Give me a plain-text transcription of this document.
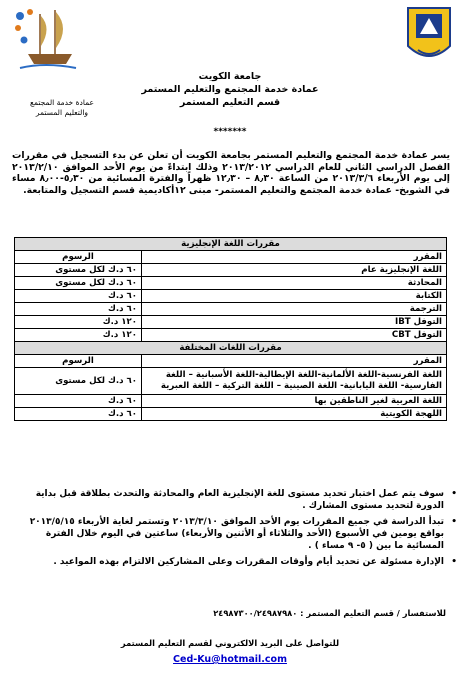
عمادة خدمة المجتمع
والتعليم المستمر
جامعة الكويت
عمادة خدمة المجتمع والتعليم المستمر
قسم التعليم المستمر
*******
يسر عمادة خدمة المجتمع والتعليم المستمر بجامعة الكويت أن تعلن عن بدء التسجيل في مقررات الفصل الدراسي الثاني للعام الدراسي ٢٠١٣/٢٠١٢ وذلك ابتداءً من يوم الأحد الموافق ٢٠١٣/٢/١٠ إلى يوم الأربعاء ٢٠١٣/٣/٦ من الساعة ٨٫٣٠ – ١٢٫٣٠ ظهراً والفترة المسائية من ٥٫٣٠-٨٫٠٠ مساء في الشويخ- عمادة خدمة المجتمع والتعليم المستمر- مبنى ١٢أكاديمية قسم التسجيل والمتابعة.
مقررات اللغة الإنجليزية	
المقرر	الرسوم
اللغة الإنجليزية عام	٦٠ د.ك لكل مستوى
المحادثة	٦٠ د.ك لكل مستوى
الكتابة	٦٠ د.ك
الترجمة	٦٠ د.ك
التوفل IBT	١٢٠ د.ك
التوفل CBT	١٢٠ د.ك
مقررات اللغات المختلفة	
المقرر	الرسوم
اللغة الفرنسية-اللغة الألمانية-اللغة الإيطالية-اللغة الأسبانية – اللغة الفارسية- اللغة اليابانية- اللغة الصينية – اللغة التركية – اللغة العبرية	٦٠ د.ك لكل مستوى
اللغة العربية لغير الناطقين بها	٦٠ د.ك
اللهجة الكويتية	٦٠ د.ك
•
سوف يتم عمل اختبار تحديد مستوى للغة الإنجليزية العام والمحادثة والتحدث بطلاقة قبل بداية الدورة لتحديد مستوى المشارك .
•
تبدأ الدراسة في جميع المقررات يوم الأحد الموافق ٢٠١٣/٣/١٠ وتستمر لغاية الأربعاء ٢٠١٣/٥/١٥ بواقع يومين في الأسبوع (الأحد والثلاثاء أو الأثنين والأربعاء) ساعتين في اليوم خلال الفترة المسائية ما بين ( ٥- ٩ مساء ) .
•
الإدارة مسئولة عن تحديد أيام وأوقات المقررات وعلى المشاركين الالتزام بهذه المواعيد .
للاستفسار / قسم التعليم المستمر : ٢٤٩٨٧٣٠٠/٢٤٩٨٧٩٨٠
للتواصل على البريد الالكتروني لقسم التعليم المستمر
Ced-Ku@hotmail.com
